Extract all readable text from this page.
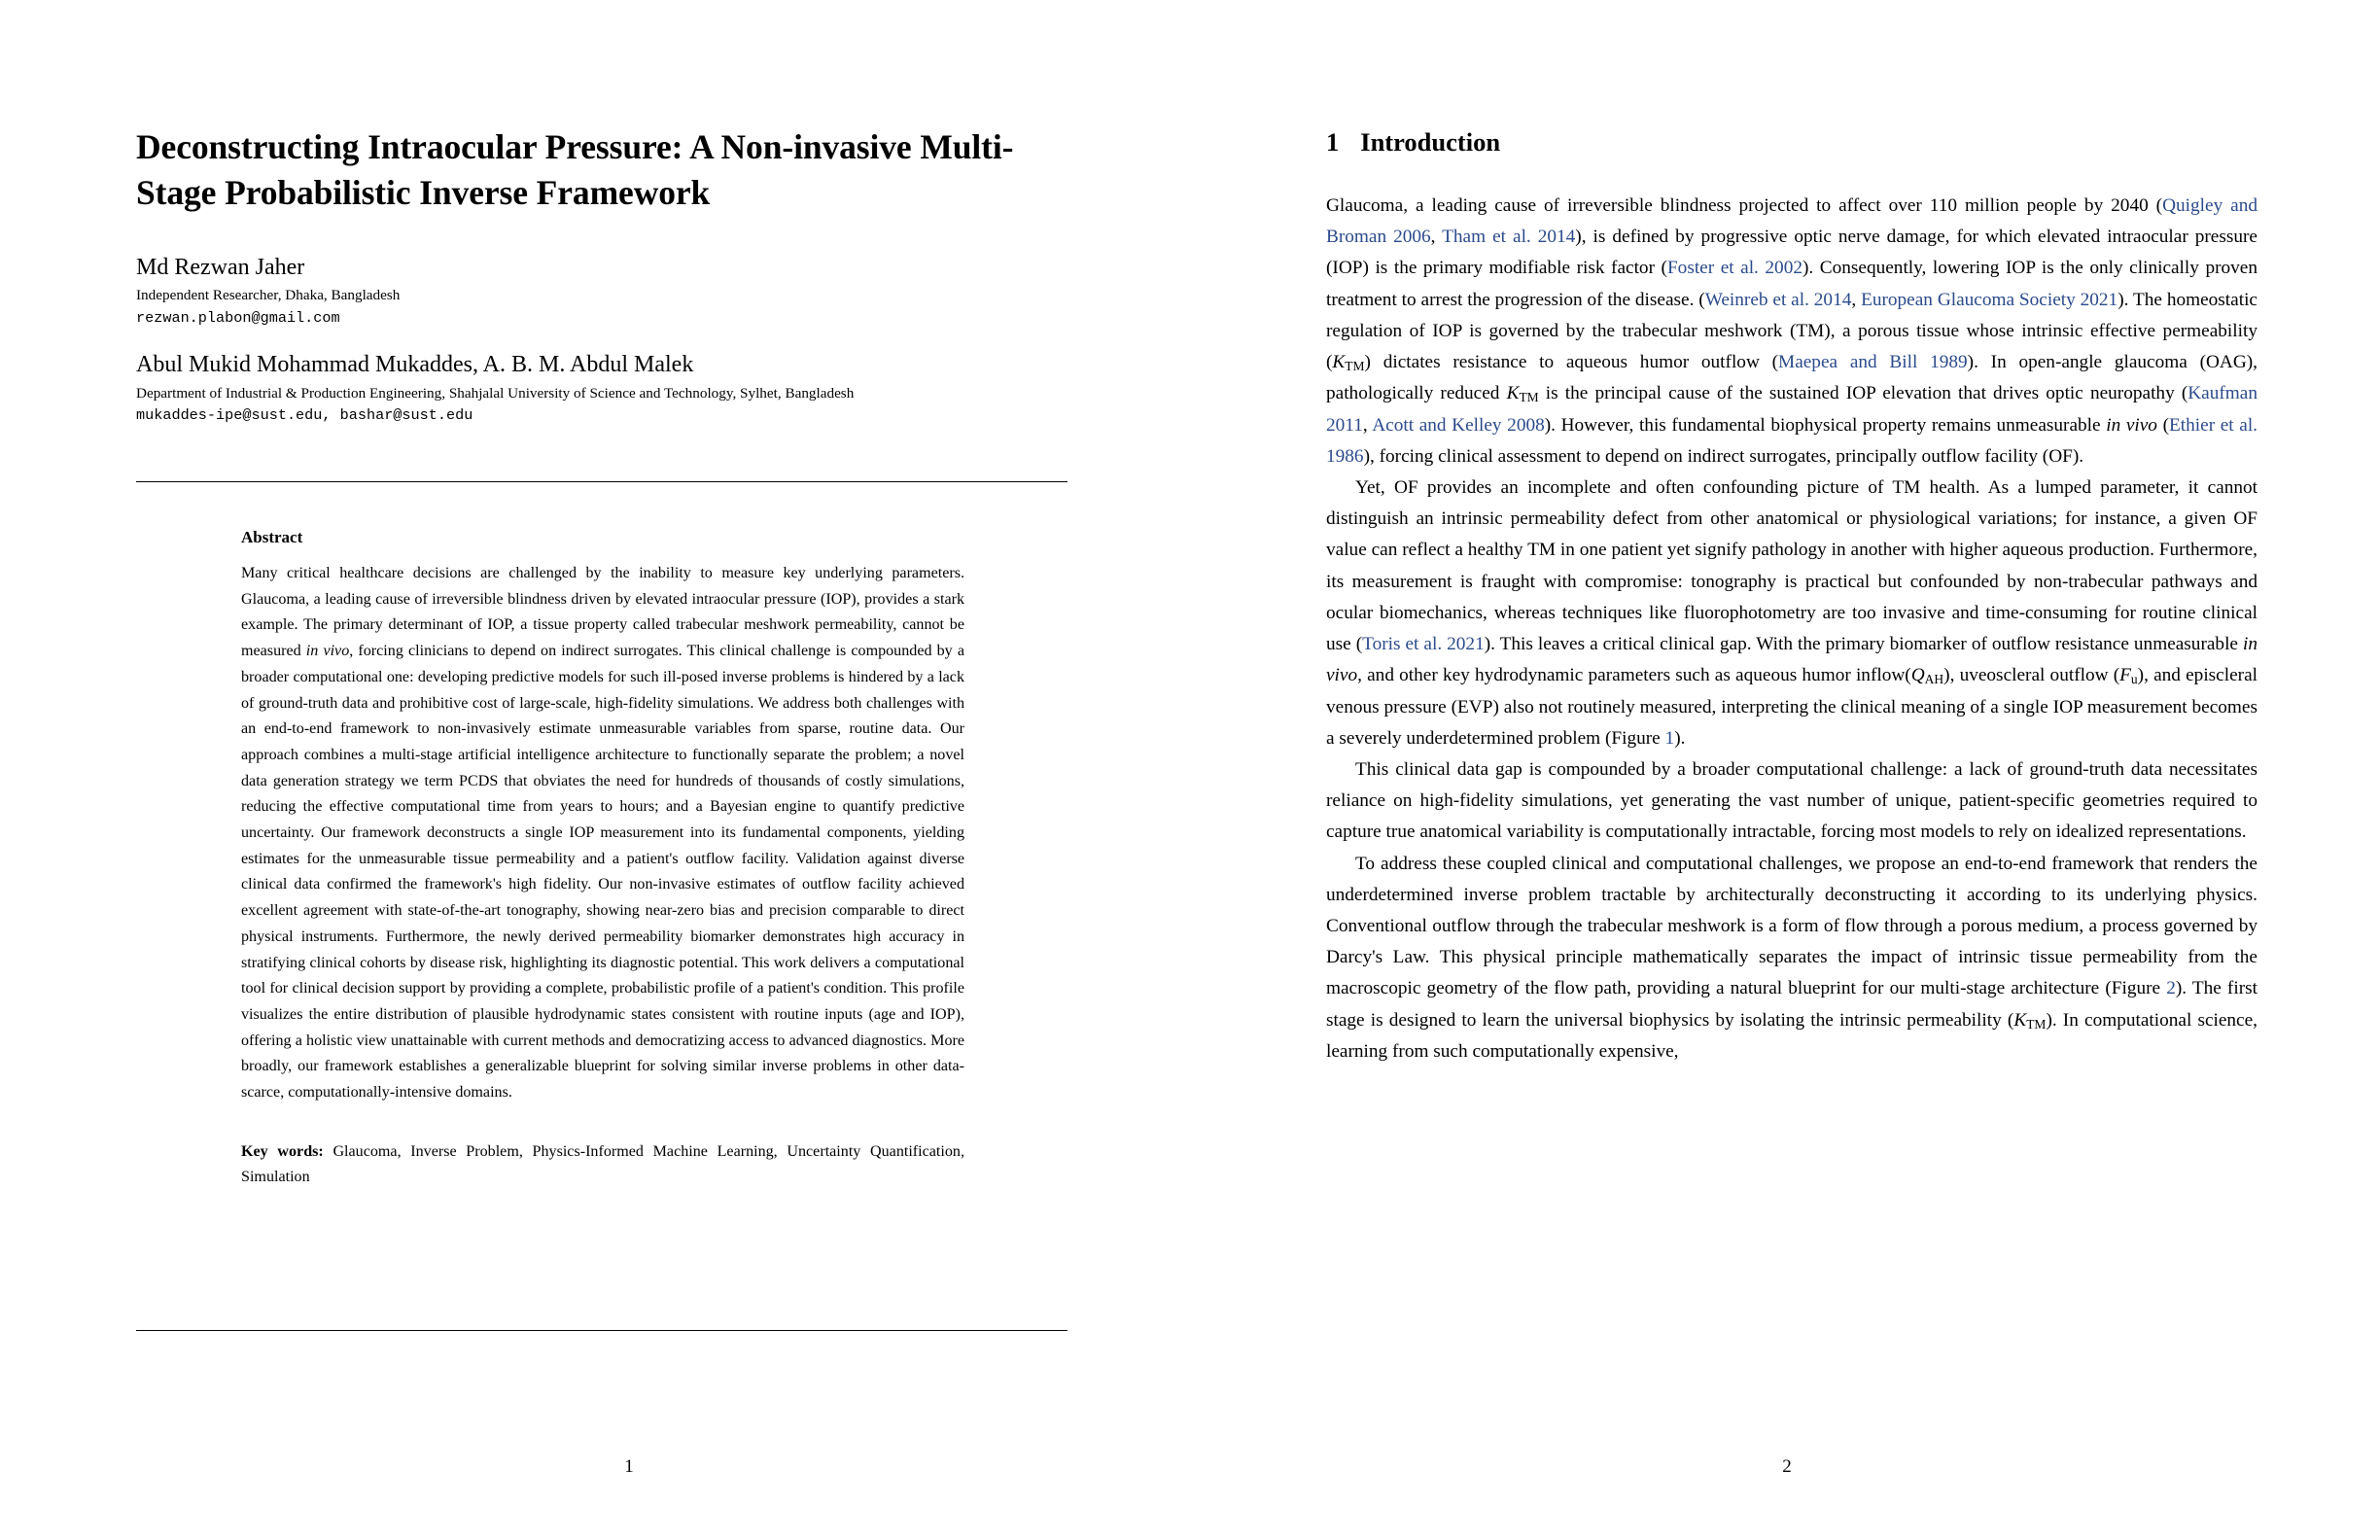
Deconstructing Intraocular Pressure: A Non-invasive Multi-Stage Probabilistic Inverse Framework

Md Rezwan Jaher

Independent Researcher, Dhaka, Bangladesh

rezwan.plabon@gmail.com

Abul Mukid Mohammad Mukaddes, A. B. M. Abdul Malek

Department of Industrial & Production Engineering, Shahjalal University of Science and Technology, Sylhet, Bangladesh

mukaddes-ipe@sust.edu, bashar@sust.edu

Abstract

Many critical healthcare decisions are challenged by the inability to measure key underlying parameters. Glaucoma, a leading cause of irreversible blindness driven by elevated intraocular pressure (IOP), provides a stark example. The primary determinant of IOP, a tissue property called trabecular meshwork permeability, cannot be measured in vivo, forcing clinicians to depend on indirect surrogates. This clinical challenge is compounded by a broader computational one: developing predictive models for such ill-posed inverse problems is hindered by a lack of ground-truth data and prohibitive cost of large-scale, high-fidelity simulations. We address both challenges with an end-to-end framework to non-invasively estimate unmeasurable variables from sparse, routine data. Our approach combines a multi-stage artificial intelligence architecture to functionally separate the problem; a novel data generation strategy we term PCDS that obviates the need for hundreds of thousands of costly simulations, reducing the effective computational time from years to hours; and a Bayesian engine to quantify predictive uncertainty. Our framework deconstructs a single IOP measurement into its fundamental components, yielding estimates for the unmeasurable tissue permeability and a patient's outflow facility. Validation against diverse clinical data confirmed the framework's high fidelity. Our non-invasive estimates of outflow facility achieved excellent agreement with state-of-the-art tonography, showing near-zero bias and precision comparable to direct physical instruments. Furthermore, the newly derived permeability biomarker demonstrates high accuracy in stratifying clinical cohorts by disease risk, highlighting its diagnostic potential. This work delivers a computational tool for clinical decision support by providing a complete, probabilistic profile of a patient's condition. This profile visualizes the entire distribution of plausible hydrodynamic states consistent with routine inputs (age and IOP), offering a holistic view unattainable with current methods and democratizing access to advanced diagnostics. More broadly, our framework establishes a generalizable blueprint for solving similar inverse problems in other data-scarce, computationally-intensive domains.

Key words: Glaucoma, Inverse Problem, Physics-Informed Machine Learning, Uncertainty Quantification, Simulation

1
1 Introduction

Glaucoma, a leading cause of irreversible blindness projected to affect over 110 million people by 2040 (Quigley and Broman 2006, Tham et al. 2014), is defined by progressive optic nerve damage, for which elevated intraocular pressure (IOP) is the primary modifiable risk factor (Foster et al. 2002). Consequently, lowering IOP is the only clinically proven treatment to arrest the progression of the disease. (Weinreb et al. 2014, European Glaucoma Society 2021). The homeostatic regulation of IOP is governed by the trabecular meshwork (TM), a porous tissue whose intrinsic effective permeability $(K_{TM})$ dictates resistance to aqueous humor outflow (Maepea and Bill 1989). In open-angle glaucoma (OAG), pathologically reduced $K_{TM}$ is the principal cause of the sustained IOP elevation that drives optic neuropathy (Kaufman 2011, Acott and Kelley 2008). However, this fundamental biophysical property remains unmeasurable in vivo (Ethier et al. 1986), forcing clinical assessment to depend on indirect surrogates, principally outflow facility (OF).

Yet, OF provides an incomplete and often confounding picture of TM health. As a lumped parameter, it cannot distinguish an intrinsic permeability defect from other anatomical or physiological variations; for instance, a given OF value can reflect a healthy TM in one patient yet signify pathology in another with higher aqueous production. Furthermore, its measurement is fraught with compromise: tonography is practical but confounded by non-trabecular pathways and ocular biomechanics, whereas techniques like fluorophotometry are too invasive and time-consuming for routine clinical use (Toris et al. 2021). This leaves a critical clinical gap. With the primary biomarker of outflow resistance unmeasurable in vivo, and other key hydrodynamic parameters such as aqueous humor $inflow(Q_{AH})$, uveoscleral outflow $(F_u)$, and episcleral venous pressure (EVP) also not routinely measured, interpreting the clinical meaning of a single IOP measurement becomes a severely underdetermined problem (Figure 1).

This clinical data gap is compounded by a broader computational challenge: a lack of ground-truth data necessitates reliance on high-fidelity simulations, yet generating the vast number of unique, patient-specific geometries required to capture true anatomical variability is computationally intractable, forcing most models to rely on idealized representations.

To address these coupled clinical and computational challenges, we propose an end-to-end framework that renders the underdetermined inverse problem tractable by architecturally deconstructing it according to its underlying physics. Conventional outflow through the trabecular meshwork is a form of flow through a porous medium, a process governed by Darcy's Law. This physical principle mathematically separates the impact of intrinsic tissue permeability from the macroscopic geometry of the flow path, providing a natural blueprint for our multi-stage architecture (Figure 2). The first stage is designed to learn the universal biophysics by isolating the intrinsic permeability $(K_{TM})$. In computational science, learning from such computationally expensive,

2
